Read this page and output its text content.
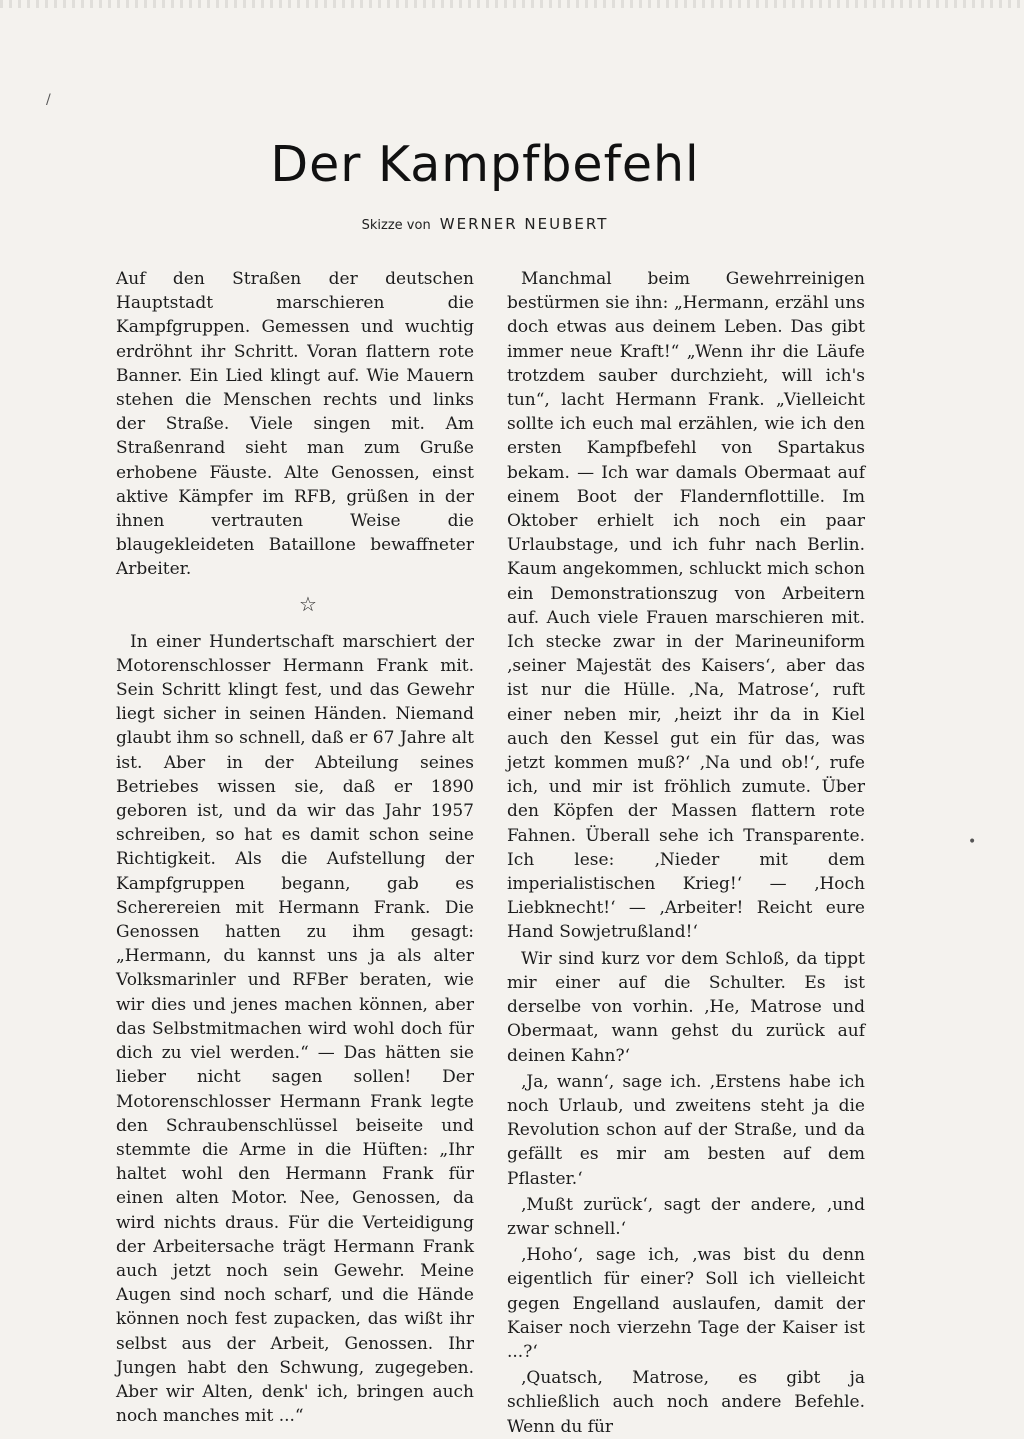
/
•
Der Kampfbefehl
Skizze von WERNER NEUBERT

Auf den Straßen der deutschen Hauptstadt marschieren die Kampfgruppen. Gemessen und wuchtig erdröhnt ihr Schritt. Voran flattern rote Banner. Ein Lied klingt auf. Wie Mauern stehen die Menschen rechts und links der Straße. Viele singen mit. Am Straßenrand sieht man zum Gruße erhobene Fäuste. Alte Genossen, einst aktive Kämpfer im RFB, grüßen in der ihnen vertrauten Weise die blaugekleideten Bataillone bewaffneter Arbeiter.

☆

In einer Hundertschaft marschiert der Motorenschlosser Hermann Frank mit. Sein Schritt klingt fest, und das Gewehr liegt sicher in seinen Händen. Niemand glaubt ihm so schnell, daß er 67 Jahre alt ist. Aber in der Abteilung seines Betriebes wissen sie, daß er 1890 geboren ist, und da wir das Jahr 1957 schreiben, so hat es damit schon seine Richtigkeit. Als die Aufstellung der Kampfgruppen begann, gab es Scherereien mit Hermann Frank. Die Genossen hatten zu ihm gesagt: „Hermann, du kannst uns ja als alter Volksmarinler und RFBer beraten, wie wir dies und jenes machen können, aber das Selbstmitmachen wird wohl doch für dich zu viel werden.“ — Das hätten sie lieber nicht sagen sollen! Der Motorenschlosser Hermann Frank legte den Schraubenschlüssel beiseite und stemmte die Arme in die Hüften: „Ihr haltet wohl den Hermann Frank für einen alten Motor. Nee, Genossen, da wird nichts draus. Für die Verteidigung der Arbeitersache trägt Hermann Frank auch jetzt noch sein Gewehr. Meine Augen sind noch scharf, und die Hände können noch fest zupacken, das wißt ihr selbst aus der Arbeit, Genossen. Ihr Jungen habt den Schwung, zugegeben. Aber wir Alten, denk' ich, bringen auch noch manches mit ...“

Manchmal beim Gewehrreinigen bestürmen sie ihn: „Hermann, erzähl uns doch etwas aus deinem Leben. Das gibt immer neue Kraft!“ „Wenn ihr die Läufe trotzdem sauber durchzieht, will ich's tun“, lacht Hermann Frank. „Vielleicht sollte ich euch mal erzählen, wie ich den ersten Kampfbefehl von Spartakus bekam. — Ich war damals Obermaat auf einem Boot der Flandernflottille. Im Oktober erhielt ich noch ein paar Urlaubstage, und ich fuhr nach Berlin. Kaum angekommen, schluckt mich schon ein Demonstrationszug von Arbeitern auf. Auch viele Frauen marschieren mit. Ich stecke zwar in der Marineuniform ‚seiner Majestät des Kaisers‘, aber das ist nur die Hülle. ‚Na, Matrose‘, ruft einer neben mir, ‚heizt ihr da in Kiel auch den Kessel gut ein für das, was jetzt kommen muß?‘ ‚Na und ob!‘, rufe ich, und mir ist fröhlich zumute. Über den Köpfen der Massen flattern rote Fahnen. Überall sehe ich Transparente. Ich lese: ‚Nieder mit dem imperialistischen Krieg!‘ — ‚Hoch Liebknecht!‘ — ‚Arbeiter! Reicht eure Hand Sowjetrußland!‘

Wir sind kurz vor dem Schloß, da tippt mir einer auf die Schulter. Es ist derselbe von vorhin. ‚He, Matrose und Obermaat, wann gehst du zurück auf deinen Kahn?‘

‚Ja, wann‘, sage ich. ‚Erstens habe ich noch Urlaub, und zweitens steht ja die Revolution schon auf der Straße, und da gefällt es mir am besten auf dem Pflaster.‘

‚Mußt zurück‘, sagt der andere, ‚und zwar schnell.‘

‚Hoho‘, sage ich, ‚was bist du denn eigentlich für einer? Soll ich vielleicht gegen Engelland auslaufen, damit der Kaiser noch vierzehn Tage der Kaiser ist ...?‘

‚Quatsch, Matrose, es gibt ja schließlich auch noch andere Befehle. Wenn du für
